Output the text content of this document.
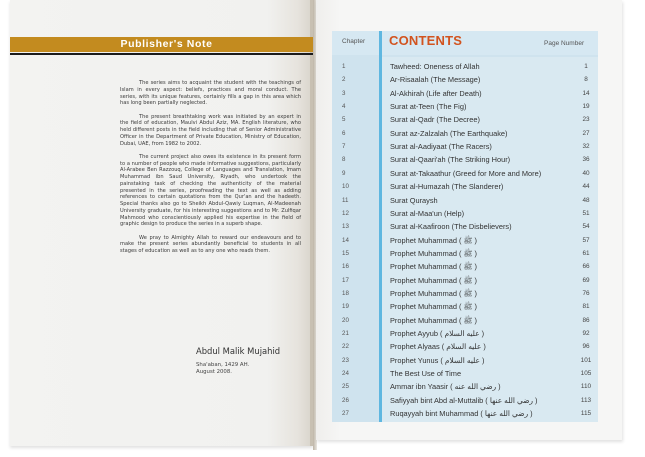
Publisher's Note

The series aims to acquaint the student with the teachings of Islam in every aspect: beliefs, practices and moral conduct. The series, with its unique features, certainly fills a gap in this area which has long been partially neglected.

The present breathtaking work was initiated by an expert in the field of education, Maulvi Abdul Aziz, MA. English literature, who held different posts in the field including that of Senior Administrative Officer in the Department of Private Education, Ministry of Education, Dubai, UAE, from 1982 to 2002.

The current project also owes its existence in its present form to a number of people who made informative suggestions, particularly Al-Arabee Ben Razzouq, College of Languages and Translation, Imam Muhammad ibn Saud University, Riyadh, who undertook the painstaking task of checking the authenticity of the material presented in the series, proofreading the text as well as adding references to certain quotations from the Qur'an and the hadeeth. Special thanks also go to Sheikh Abdul-Qawiy Luqman, Al-Madeenah University graduate, for his interesting suggestions and to Mr. Zulfiqar Mahmood who conscientiously applied his expertise in the field of graphic design to produce the series in a superb shape.

We pray to Almighty Allah to reward our endeavours and to make the present series abundantly beneficial to students in all stages of education as well as to any one who reads them.

Abdul Malik Mujahid
Sha'aban, 1429 AH.
August 2008.
Chapter CONTENTS	Page Number
1	Tawheed: Oneness of Allah	1
2	Ar-Risaalah (The Message)	8
3	Al-Akhirah (Life after Death)	14
4	Surat at-Teen (The Fig)	19
5	Surat al-Qadr (The Decree)	23
6	Surat az-Zalzalah (The Earthquake)	27
7	Surat al-Aadiyaat (The Racers)	32
8	Surat al-Qaari'ah (The Striking Hour)	36
9	Surat at-Takaathur (Greed for More and More)	40
10	Surat al-Humazah (The Slanderer)	44
11	Surat Quraysh	48
12	Surat al-Maa'un (Help)	51
13	Surat al-Kaafiroon (The Disbelievers)	54
14	Prophet Muhammad ( ﷺ )	57
15	Prophet Muhammad ( ﷺ )	61
16	Prophet Muhammad ( ﷺ )	66
17	Prophet Muhammad ( ﷺ )	69
18	Prophet Muhammad ( ﷺ )	76
19	Prophet Muhammad ( ﷺ )	81
20	Prophet Muhammad ( ﷺ )	86
21	Prophet Ayyub ( عليه السلام )	92
22	Prophet Alyaas ( عليه السلام )	96
23	Prophet Yunus ( عليه السلام )	101
24	The Best Use of Time	105
25	Ammar ibn Yaasir ( رضي الله عنه )	110
26	Safiyyah bint Abd al-Muttalib ( رضي الله عنها )	113
27	Ruqayyah bint Muhammad ( رضي الله عنها )	115
